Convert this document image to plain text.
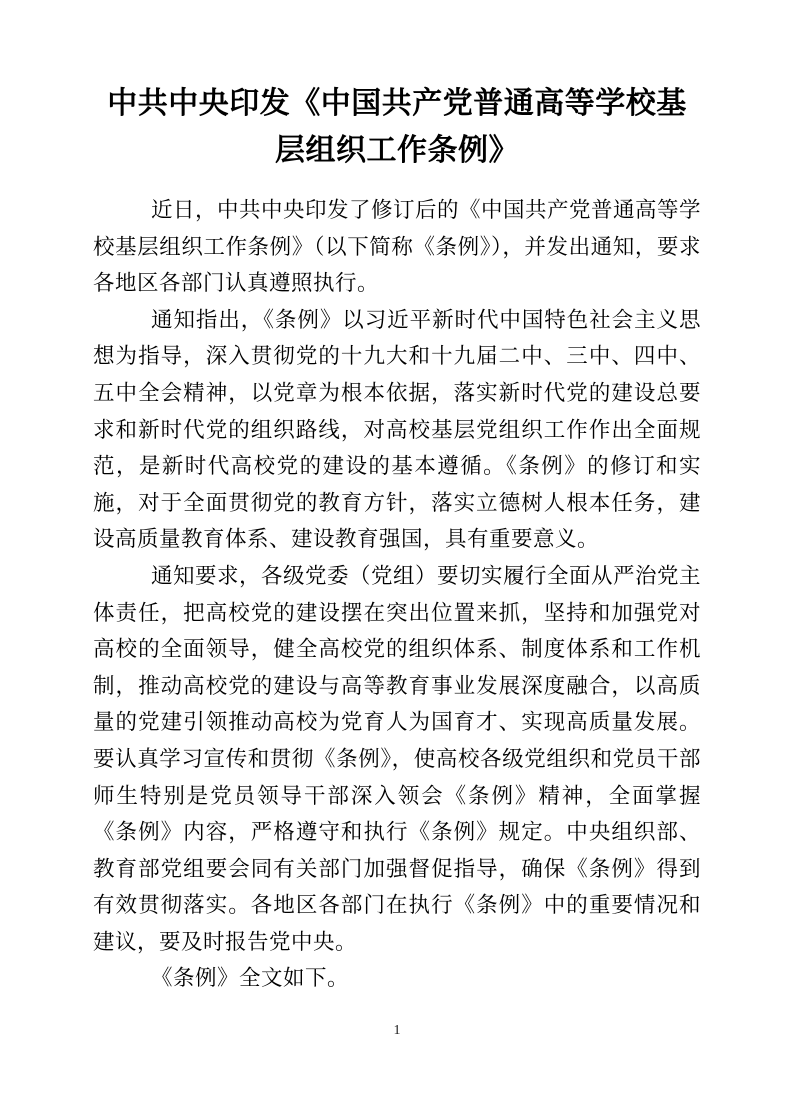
中共中央印发《中国共产党普通高等学校基
层组织工作条例》

近日，中共中央印发了修订后的《中国共产党普通高等学校基层组织工作条例》（以下简称《条例》），并发出通知，要求各地区各部门认真遵照执行。

通知指出，《条例》以习近平新时代中国特色社会主义思想为指导，深入贯彻党的十九大和十九届二中、三中、四中、五中全会精神，以党章为根本依据，落实新时代党的建设总要求和新时代党的组织路线，对高校基层党组织工作作出全面规范，是新时代高校党的建设的基本遵循。《条例》的修订和实施，对于全面贯彻党的教育方针，落实立德树人根本任务，建设高质量教育体系、建设教育强国，具有重要意义。

通知要求，各级党委（党组）要切实履行全面从严治党主体责任，把高校党的建设摆在突出位置来抓，坚持和加强党对高校的全面领导，健全高校党的组织体系、制度体系和工作机制，推动高校党的建设与高等教育事业发展深度融合，以高质量的党建引领推动高校为党育人为国育才、实现高质量发展。要认真学习宣传和贯彻《条例》，使高校各级党组织和党员干部师生特别是党员领导干部深入领会《条例》精神，全面掌握《条例》内容，严格遵守和执行《条例》规定。中央组织部、教育部党组要会同有关部门加强督促指导，确保《条例》得到有效贯彻落实。各地区各部门在执行《条例》中的重要情况和建议，要及时报告党中央。

《条例》全文如下。

1
